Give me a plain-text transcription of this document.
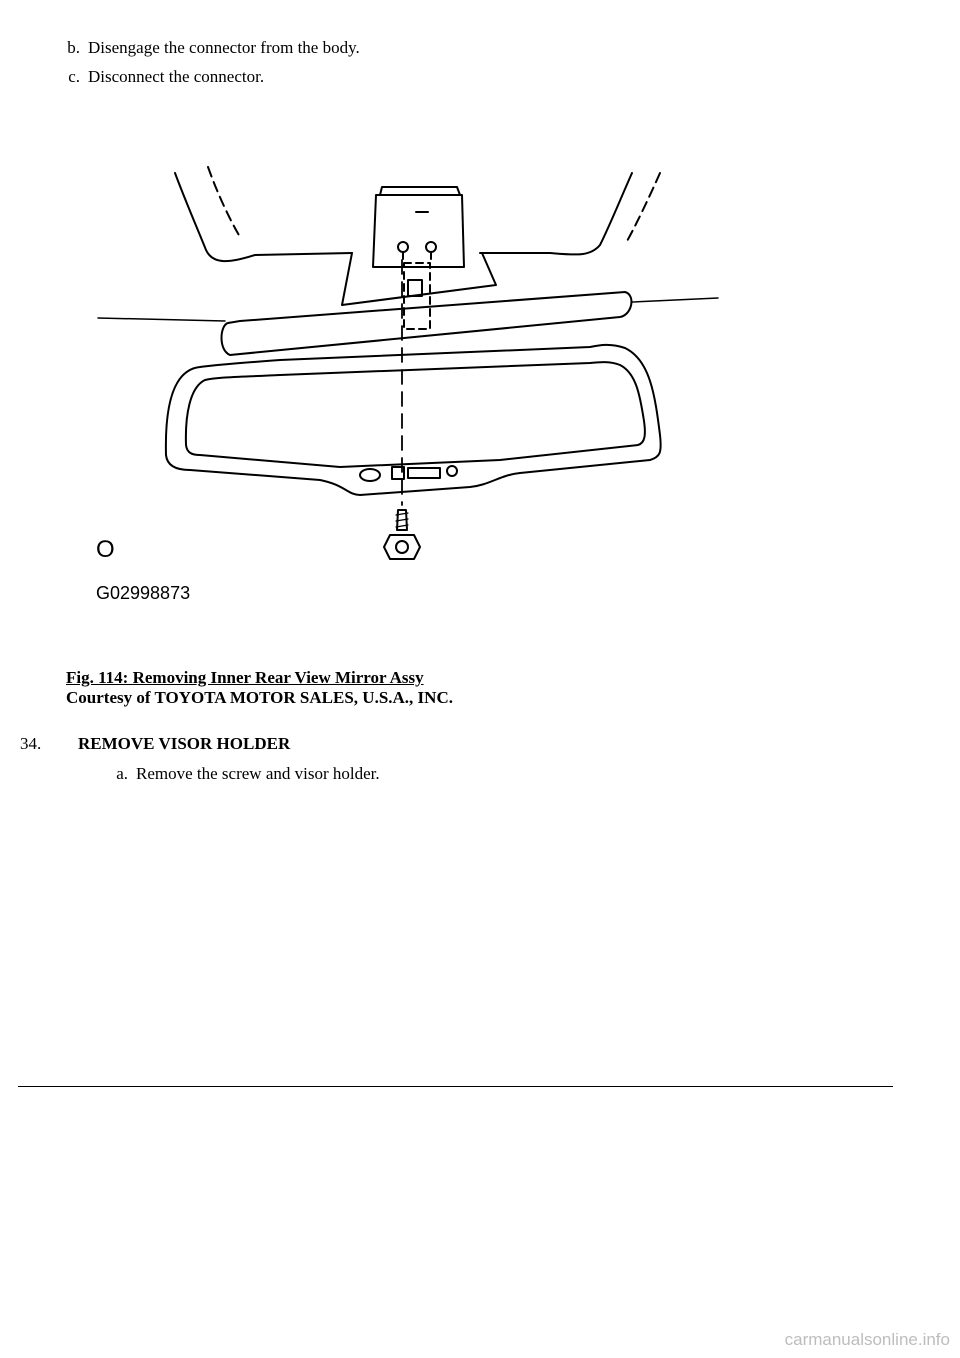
b. Disengage the connector from the body.
c. Disconnect the connector.
O
G02998873
Fig. 114: Removing Inner Rear View Mirror Assy
Courtesy of TOYOTA MOTOR SALES, U.S.A., INC.
34. REMOVE VISOR HOLDER
a. Remove the screw and visor holder.
carmanualsonline.info
